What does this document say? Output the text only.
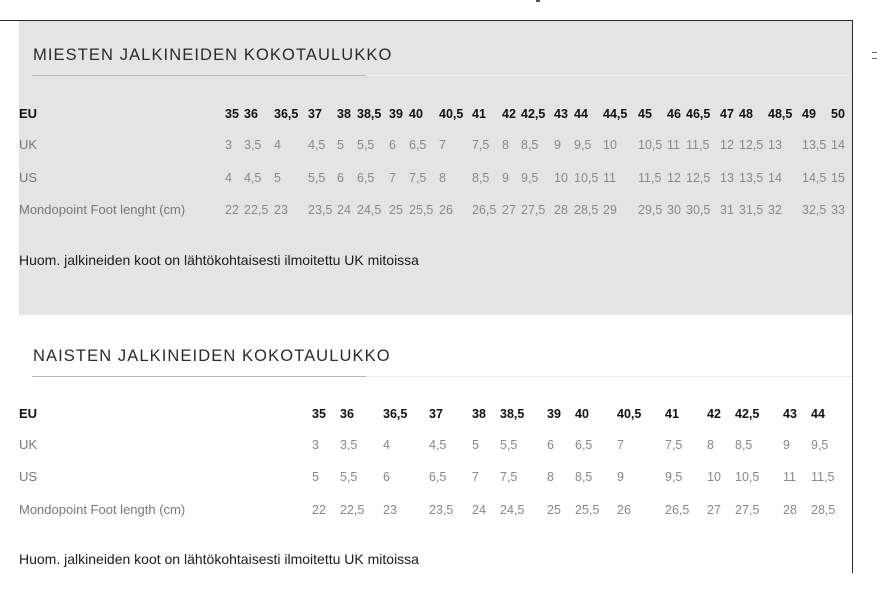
MIESTEN JALKINEIDEN KOKOTAULUKKO
EU	35 36 36,5 37 38 38,5 39 40 40,5 41 42 42,5 43 44 44,5 45 46 46,5 47 48 48,5 49 50
UK	3 3,5 4 4,5 5 5,5 6 6,5 7 7,5 8 8,5 9 9,5 10 10,5 11 11,5 12 12,5 13 13,5 14
US	4 4,5 5 5,5 6 6,5 7 7,5 8 8,5 9 9,5 10 10,5 11 11,5 12 12,5 13 13,5 14 14,5 15
Mondopoint Foot lenght (cm)	22 22,5 23 23,5 24 24,5 25 25,5 26 26,5 27 27,5 28 28,5 29 29,5 30 30,5 31 31,5 32 32,5 33
Huom. jalkineiden koot on lähtökohtaisesti ilmoitettu UK mitoissa
NAISTEN JALKINEIDEN KOKOTAULUKKO
EU	35 36 36,5 37 38 38,5 39 40 40,5 41 42 42,5 43 44
UK	3 3,5 4	4,5 5 5,5 6 6,5 7	7,5 8 8,5 9 9,5
US	5 5,5 6	6,5 7 7,5 8 8,5 9	9,5 10 10,5 11 11,5
Mondopoint Foot length (cm)	22 22,5 23	23,5 24 24,5 25 25,5 26	26,5 27 27,5 28 28,5
Huom. jalkineiden koot on lähtökohtaisesti ilmoitettu UK mitoissa
